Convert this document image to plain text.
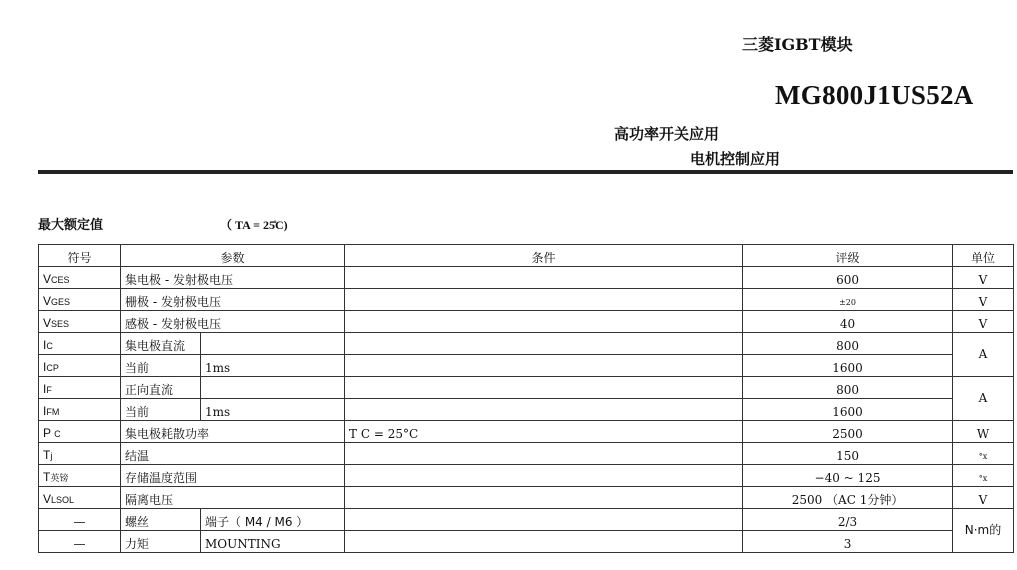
三菱IGBT模块
MG800J1US52A
高功率开关应用
电机控制应用
最大额定值	（ TA = 25̊C)
符号	参数		条件	评级	单位
VCES	集电极 - 发射极电压			600	V
VGES	栅极 - 发射极电压			±20	V
VSES	感极 - 发射极电压			40	V
IC	集电极直流			800	A
ICP	当前	1ms		1600	
IF	正向直流			800	A
IFM	当前	1ms		1600	
P C	集电极耗散功率		T C = 25°C	2500	W
Tj	结温			150	°x
T英镑	存储温度范围			−40 ~ 125	°x
VLSOL	隔离电压			2500 （AC 1分钟）	V
—	螺丝	端子（ M4 / M6 ）		2/3	N·m的
—	力矩	MOUNTING		3	
